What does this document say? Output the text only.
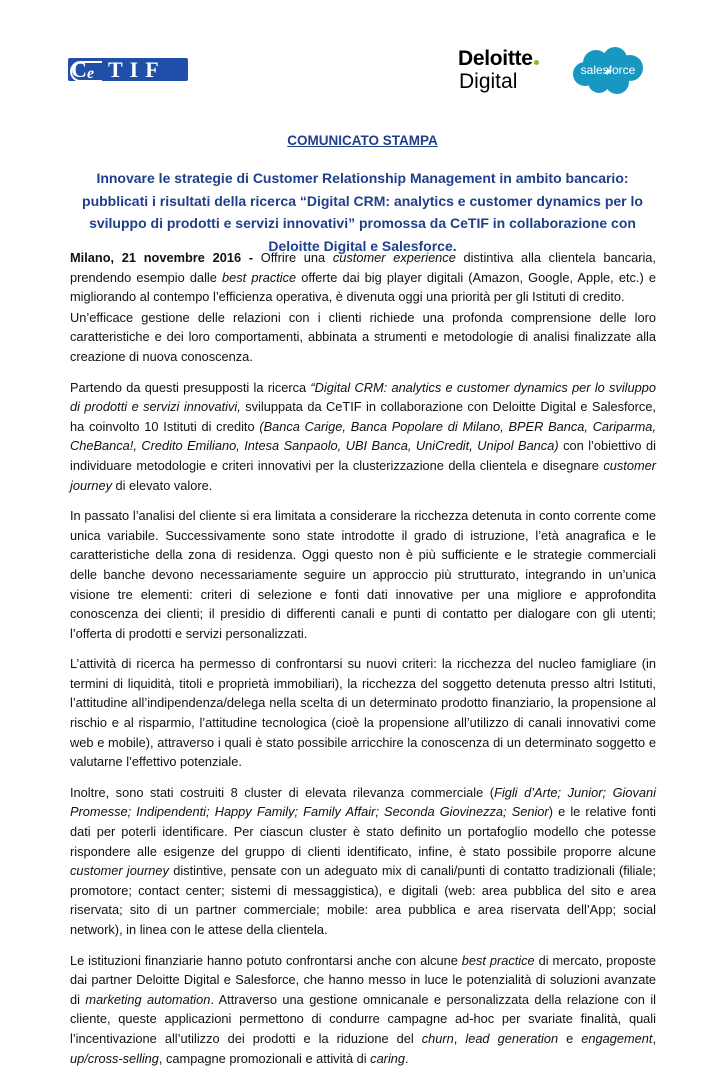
C e TIF	Deloitte
Digital	salesforce
COMUNICATO STAMPA
Innovare le strategie di Customer Relationship Management in ambito bancario: pubblicati i risultati della ricerca “Digital CRM: analytics e customer dynamics per lo sviluppo di prodotti e servizi innovativi” promossa da CeTIF in collaborazione con Deloitte Digital e Salesforce.

Milano, 21 novembre 2016 - Offrire una customer experience distintiva alla clientela bancaria, prendendo esempio dalle best practice offerte dai big player digitali (Amazon, Google, Apple, etc.) e migliorando al contempo l’efficienza operativa, è divenuta oggi una priorità per gli Istituti di credito.

Un’efficace gestione delle relazioni con i clienti richiede una profonda comprensione delle loro caratteristiche e dei loro comportamenti, abbinata a strumenti e metodologie di analisi finalizzate alla creazione di nuova conoscenza.

Partendo da questi presupposti la ricerca “Digital CRM: analytics e customer dynamics per lo sviluppo di prodotti e servizi innovativi, sviluppata da CeTIF in collaborazione con Deloitte Digital e Salesforce, ha coinvolto 10 Istituti di credito (Banca Carige, Banca Popolare di Milano, BPER Banca, Cariparma, CheBanca!, Credito Emiliano, Intesa Sanpaolo, UBI Banca, UniCredit, Unipol Banca) con l’obiettivo di individuare metodologie e criteri innovativi per la clusterizzazione della clientela e disegnare customer journey di elevato valore.

In passato l’analisi del cliente si era limitata a considerare la ricchezza detenuta in conto corrente come unica variabile. Successivamente sono state introdotte il grado di istruzione, l’età anagrafica e le caratteristiche della zona di residenza. Oggi questo non è più sufficiente e le strategie commerciali delle banche devono necessariamente seguire un approccio più strutturato, integrando in un’unica visione tre elementi: criteri di selezione e fonti dati innovative per una migliore e approfondita conoscenza dei clienti; il presidio di differenti canali e punti di contatto per dialogare con gli utenti; l’offerta di prodotti e servizi personalizzati.

L’attività di ricerca ha permesso di confrontarsi su nuovi criteri: la ricchezza del nucleo famigliare (in termini di liquidità, titoli e proprietà immobiliari), la ricchezza del soggetto detenuta presso altri Istituti, l’attitudine all’indipendenza/delega nella scelta di un determinato prodotto finanziario, la propensione al rischio e al risparmio, l’attitudine tecnologica (cioè la propensione all’utilizzo di canali innovativi come web e mobile), attraverso i quali è stato possibile arricchire la conoscenza di un determinato soggetto e valutarne l’effettivo potenziale.

Inoltre, sono stati costruiti 8 cluster di elevata rilevanza commerciale (Figli d’Arte; Junior; Giovani Promesse; Indipendenti; Happy Family; Family Affair; Seconda Giovinezza; Senior) e le relative fonti dati per poterli identificare. Per ciascun cluster è stato definito un portafoglio modello che potesse rispondere alle esigenze del gruppo di clienti identificato, infine, è stato possibile proporre alcune customer journey distintive, pensate con un adeguato mix di canali/punti di contatto tradizionali (filiale; promotore; contact center; sistemi di messaggistica), e digitali (web: area pubblica del sito e area riservata; sito di un partner commerciale; mobile: area pubblica e area riservata dell’App; social network), in linea con le attese della clientela.

Le istituzioni finanziarie hanno potuto confrontarsi anche con alcune best practice di mercato, proposte dai partner Deloitte Digital e Salesforce, che hanno messo in luce le potenzialità di soluzioni avanzate di marketing automation. Attraverso una gestione omnicanale e personalizzata della relazione con il cliente, queste applicazioni permettono di condurre campagne ad-hoc per svariate finalità, quali l’incentivazione all’utilizzo dei prodotti e la riduzione del churn, lead generation e engagement, up/cross-selling, campagne promozionali e attività di caring.
